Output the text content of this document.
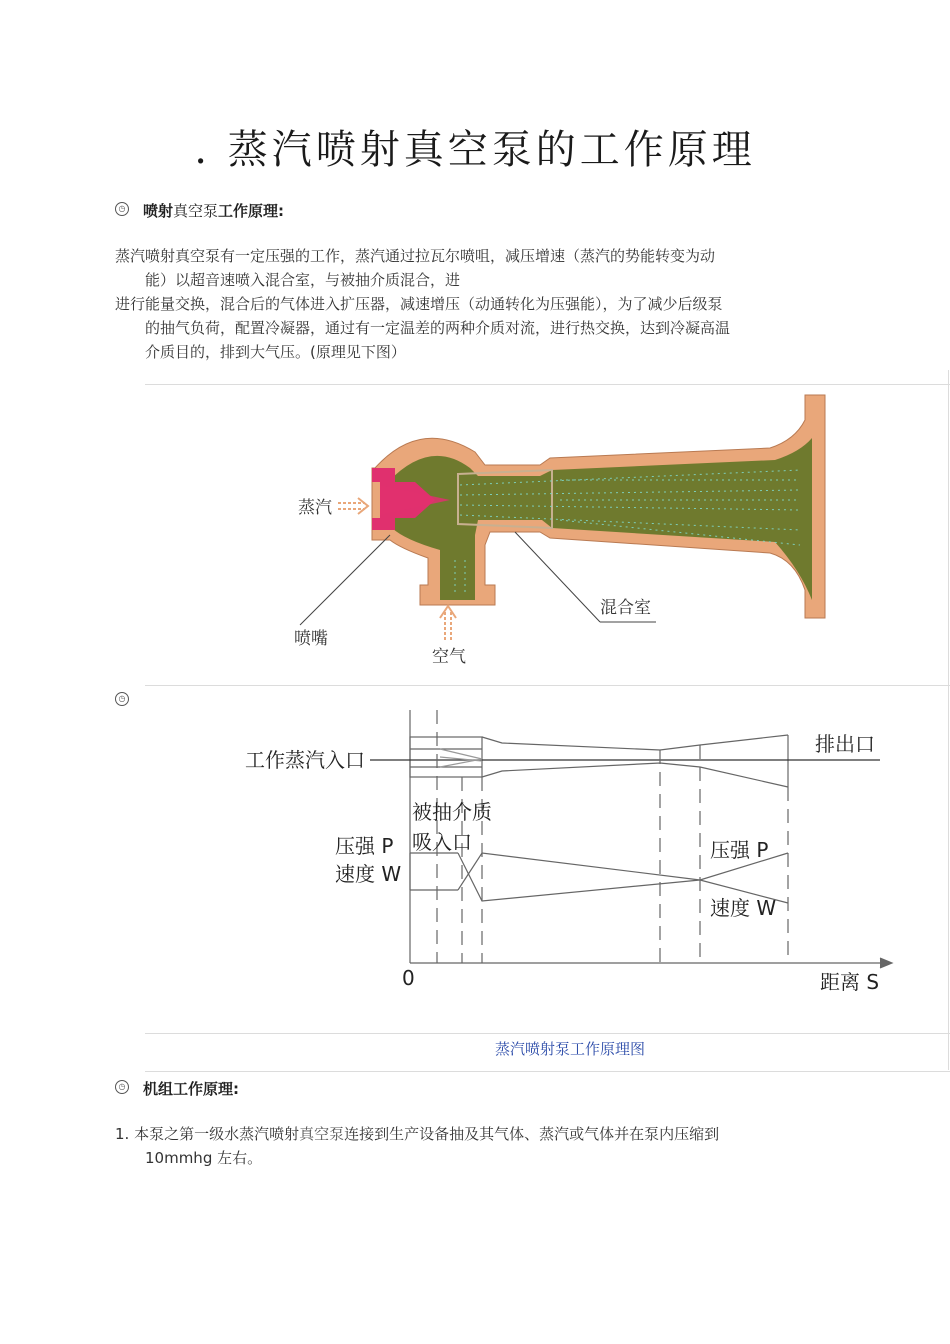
. 蒸汽喷射真空泵的工作原理
◷ 喷射真空泵工作原理:
蒸汽喷射真空泵有一定压强的工作，蒸汽通过拉瓦尔喷咀，减压增速（蒸汽的势能转变为动
能）以超音速喷入混合室，与被抽介质混合，进
进行能量交换，混合后的气体进入扩压器，减速增压（动通转化为压强能），为了减少后级泵
的抽气负荷，配置冷凝器，通过有一定温差的两种介质对流，进行热交换，达到冷凝高温
介质目的，排到大气压。(原理见下图）
蒸汽
喷嘴
空气
混合室
◷
工作蒸汽入口
排出口
被抽介质
吸入口
压强 P
速度 W
压强 P
速度 W
0	距离 S
蒸汽喷射泵工作原理图
◷ 机组工作原理:
1. 本泵之第一级水蒸汽喷射真空泵连接到生产设备抽及其气体、蒸汽或气体并在泵内压缩到
10mmhg 左右。
